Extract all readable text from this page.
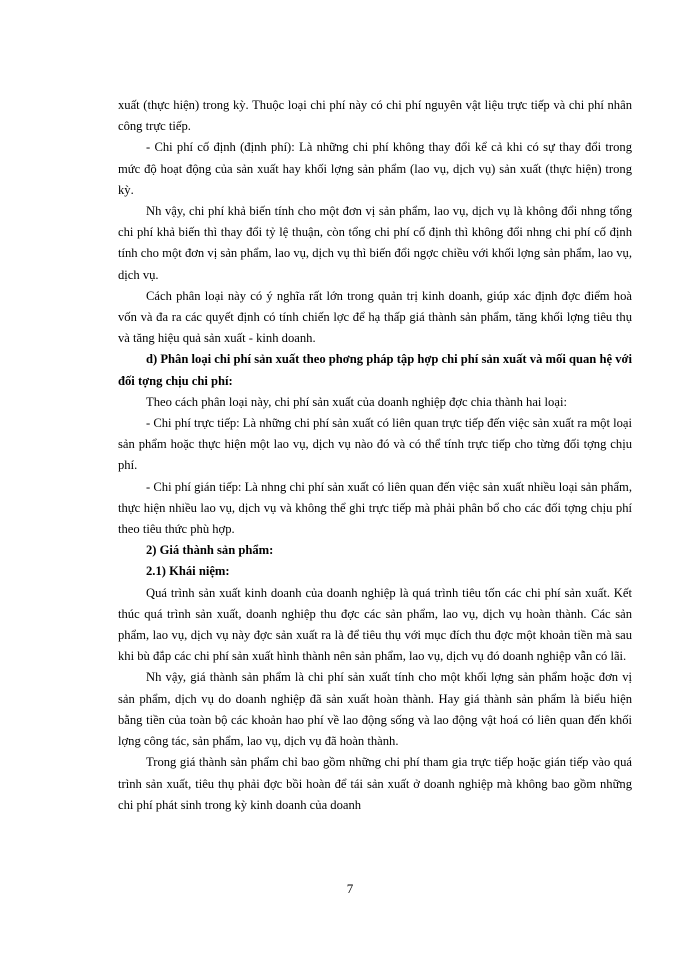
xuất (thực hiện) trong kỳ. Thuộc loại chi phí này có chi phí nguyên vật liệu trực tiếp và chi phí nhân công trực tiếp.

- Chi phí cố định (định phí): Là những chi phí không thay đổi kể cả khi có sự thay đổi trong mức độ hoạt động của sản xuất hay khối lợng sản phẩm (lao vụ, dịch vụ) sản xuất (thực hiện) trong kỳ.

Nh vậy, chi phí khả biến tính cho một đơn vị sản phẩm, lao vụ, dịch vụ là không đổi nhng tổng chi phí khả biến thì thay đổi tỷ lệ thuận, còn tổng chi phí cố định thì không đổi nhng chi phí cố định tính cho một đơn vị sản phẩm, lao vụ, dịch vụ thì biến đổi ngợc chiều với khối lợng sản phẩm, lao vụ, dịch vụ.

Cách phân loại này có ý nghĩa rất lớn trong quản trị kinh doanh, giúp xác định đợc điểm hoà vốn và đa ra các quyết định có tính chiến lợc để hạ thấp giá thành sản phẩm, tăng khối lợng tiêu thụ và tăng hiệu quả sản xuất - kinh doanh.

d) Phân loại chi phí sản xuất theo phơng pháp tập hợp chi phí sản xuất và mối quan hệ với đối tợng chịu chi phí:

Theo cách phân loại này, chi phí sản xuất của doanh nghiệp đợc chia thành hai loại:

- Chi phí trực tiếp: Là những chi phí sản xuất có liên quan trực tiếp đến việc sản xuất ra một loại sản phẩm hoặc thực hiện một lao vụ, dịch vụ nào đó và có thể tính trực tiếp cho từng đối tợng chịu phí.

- Chi phí gián tiếp: Là nhng chi phí sản xuất có liên quan đến việc sản xuất nhiều loại sản phẩm, thực hiện nhiều lao vụ, dịch vụ và không thể ghi trực tiếp mà phải phân bổ cho các đối tợng chịu phí theo tiêu thức phù hợp.

2) Giá thành sản phẩm:

2.1) Khái niệm:

Quá trình sản xuất kinh doanh của doanh nghiệp là quá trình tiêu tốn các chi phí sản xuất. Kết thúc quá trình sản xuất, doanh nghiệp thu đợc các sản phẩm, lao vụ, dịch vụ hoàn thành. Các sản phẩm, lao vụ, dịch vụ này đợc sản xuất ra là để tiêu thụ với mục đích thu đợc một khoản tiền mà sau khi bù đắp các chi phí sản xuất hình thành nên sản phẩm, lao vụ, dịch vụ đó doanh nghiệp vẫn có lãi.

Nh vậy, giá thành sản phẩm là chi phí sản xuất tính cho một khối lợng sản phẩm hoặc đơn vị sản phẩm, dịch vụ do doanh nghiệp đã sản xuất hoàn thành. Hay giá thành sản phẩm là biểu hiện bằng tiền của toàn bộ các khoản hao phí về lao động sống và lao động vật hoá có liên quan đến khối lợng công tác, sản phẩm, lao vụ, dịch vụ đã hoàn thành.

Trong giá thành sản phẩm chỉ bao gồm những chi phí tham gia trực tiếp hoặc gián tiếp vào quá trình sản xuất, tiêu thụ phải đợc bồi hoàn để tái sản xuất ở doanh nghiệp mà không bao gồm những chi phí phát sinh trong kỳ kinh doanh của doanh

7
